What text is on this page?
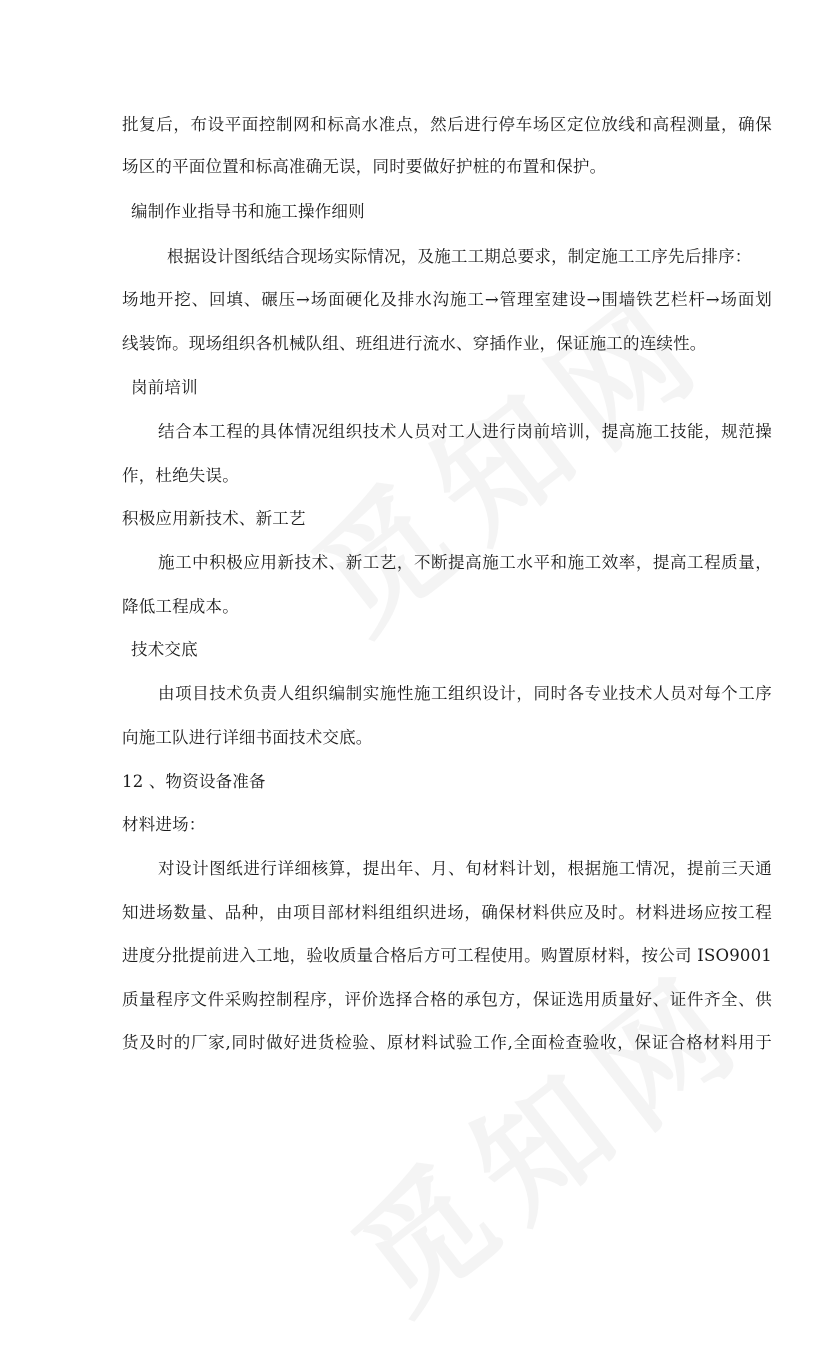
批复后，布设平面控制网和标高水准点，然后进行停车场区定位放线和高程测量，确保
场区的平面位置和标高准确无误，同时要做好护桩的布置和保护。
编制作业指导书和施工操作细则
根据设计图纸结合现场实际情况，及施工工期总要求，制定施工工序先后排序：
场地开挖、回填、碾压→场面硬化及排水沟施工→管理室建设→围墙铁艺栏杆→场面划
线装饰。现场组织各机械队组、班组进行流水、穿插作业，保证施工的连续性。
岗前培训
结合本工程的具体情况组织技术人员对工人进行岗前培训，提高施工技能，规范操
作，杜绝失误。
积极应用新技术、新工艺
施工中积极应用新技术、新工艺，不断提高施工水平和施工效率，提高工程质量，
降低工程成本。
技术交底
由项目技术负责人组织编制实施性施工组织设计，同时各专业技术人员对每个工序
向施工队进行详细书面技术交底。
12 、物资设备准备
材料进场：
对设计图纸进行详细核算，提出年、月、旬材料计划，根据施工情况，提前三天通
知进场数量、品种，由项目部材料组组织进场，确保材料供应及时。材料进场应按工程
进度分批提前进入工地，验收质量合格后方可工程使用。购置原材料，按公司 ISO9001
质量程序文件采购控制程序，评价选择合格的承包方，保证选用质量好、证件齐全、供
货及时的厂家,同时做好进货检验、原材料试验工作,全面检查验收，保证合格材料用于
